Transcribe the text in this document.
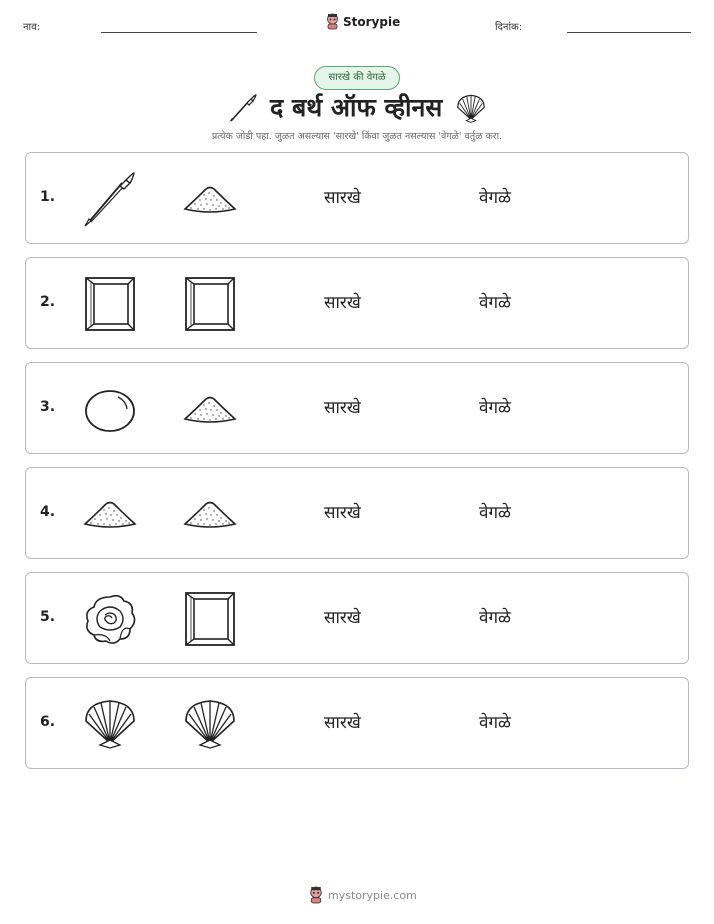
नाव:	Storypie	दिनांक:
सारखे की वेगळे
द बर्थ ऑफ व्हीनस
प्रत्येक जोडी पहा. जुळत असल्यास 'सारखे' किंवा जुळत नसल्यास 'वेगळे' वर्तुळ करा.
1.	सारखे	वेगळे
2.	सारखे	वेगळे
3.	सारखे	वेगळे
4.	सारखे	वेगळे
5.	सारखे	वेगळे
6.	सारखे	वेगळे
mystorypie.com
